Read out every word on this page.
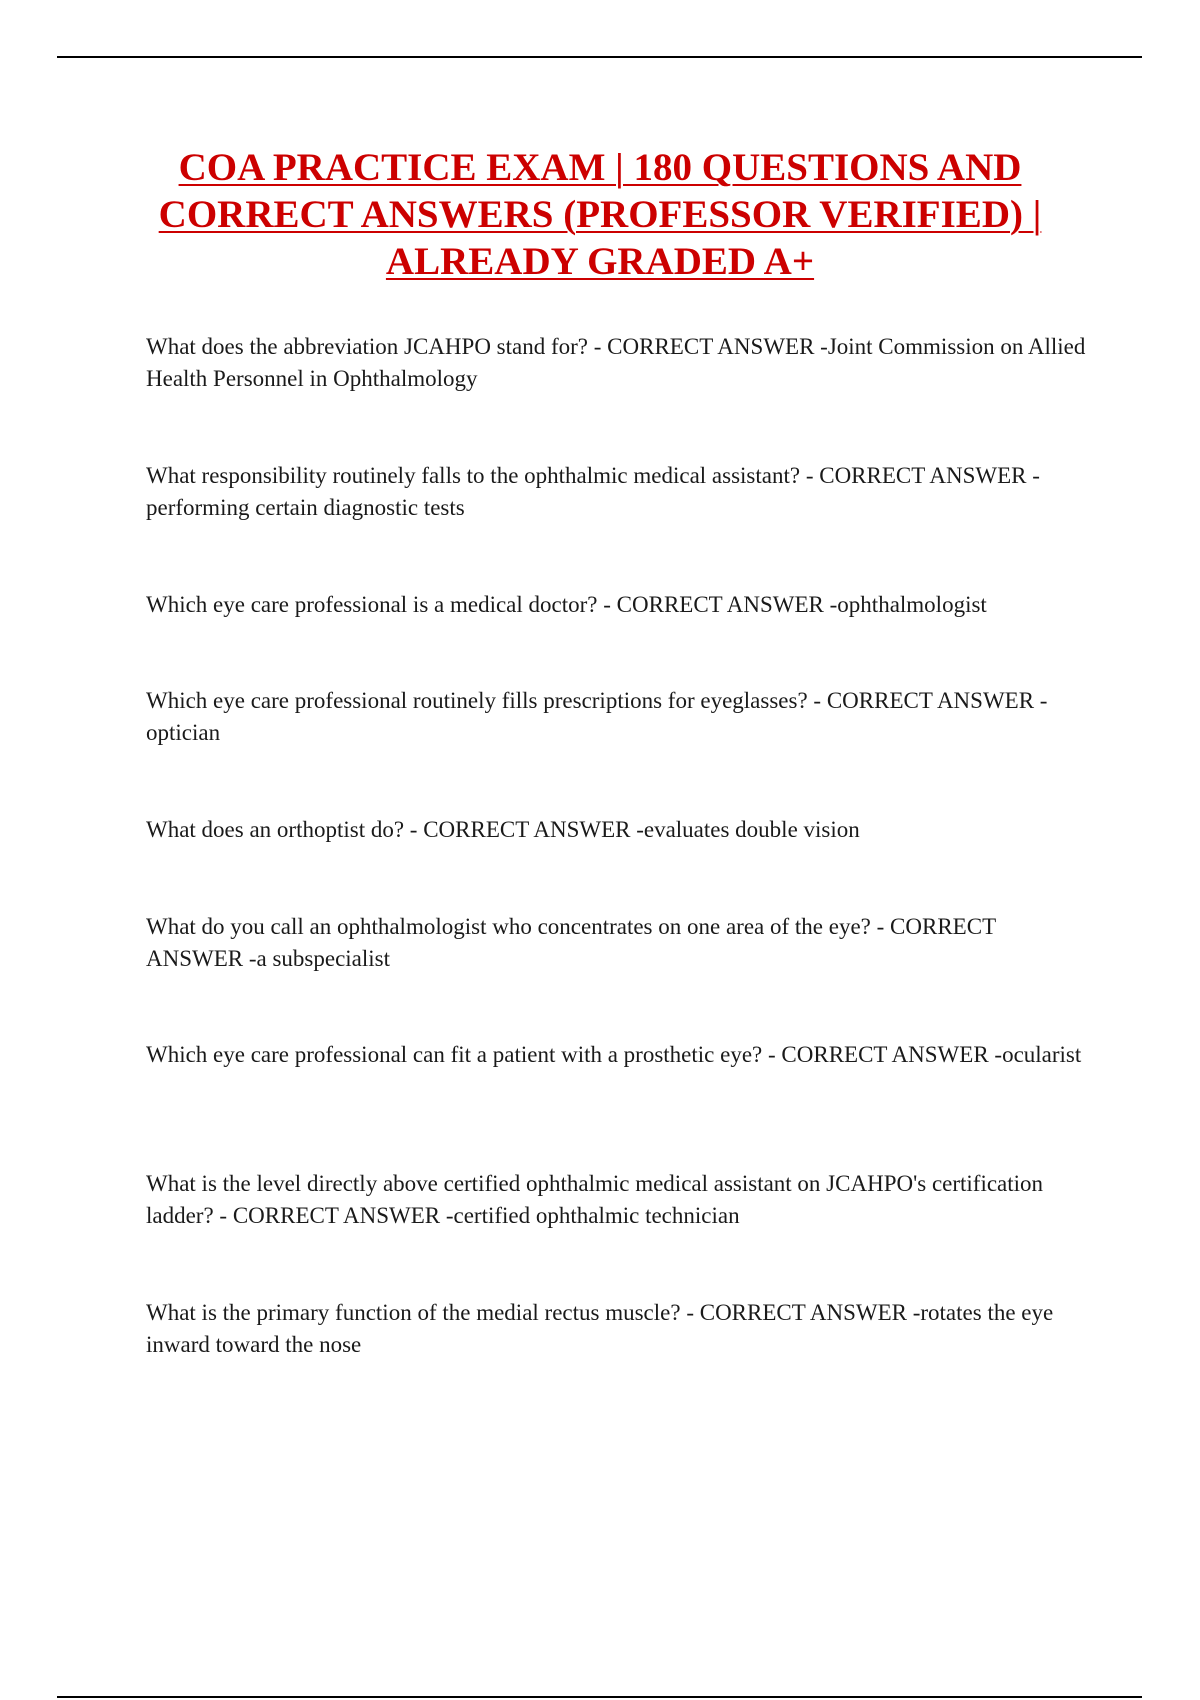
COA PRACTICE EXAM | 180 QUESTIONS AND CORRECT ANSWERS (PROFESSOR VERIFIED) | ALREADY GRADED A+

What does the abbreviation JCAHPO stand for? - CORRECT ANSWER -Joint Commission on Allied Health Personnel in Ophthalmology

What responsibility routinely falls to the ophthalmic medical assistant? - CORRECT ANSWER -performing certain diagnostic tests

Which eye care professional is a medical doctor? - CORRECT ANSWER -ophthalmologist

Which eye care professional routinely fills prescriptions for eyeglasses? - CORRECT ANSWER -optician

What does an orthoptist do? - CORRECT ANSWER -evaluates double vision

What do you call an ophthalmologist who concentrates on one area of the eye? - CORRECT ANSWER -a subspecialist

Which eye care professional can fit a patient with a prosthetic eye? - CORRECT ANSWER -ocularist

What is the level directly above certified ophthalmic medical assistant on JCAHPO's certification ladder? - CORRECT ANSWER -certified ophthalmic technician

What is the primary function of the medial rectus muscle? - CORRECT ANSWER -rotates the eye inward toward the nose
